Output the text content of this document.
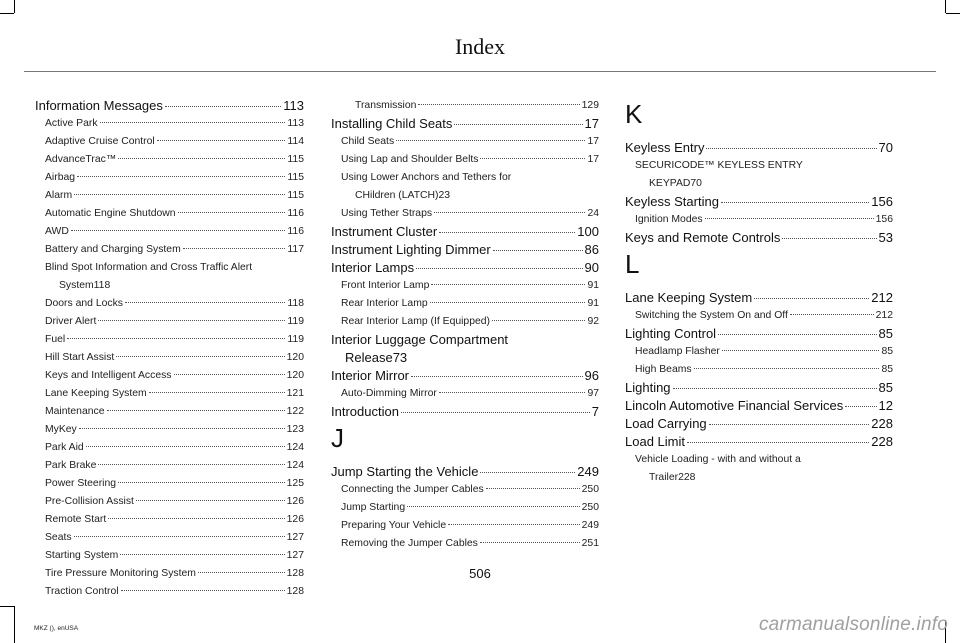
Index
Information Messages	113
Active Park	113
Adaptive Cruise Control	114
AdvanceTrac™	115
Airbag	115
Alarm	115
Automatic Engine Shutdown	116
AWD	116
Battery and Charging System	117
Blind Spot Information and Cross Traffic Alert
System 118
Doors and Locks	118
Driver Alert	119
Fuel	119
Hill Start Assist	120
Keys and Intelligent Access	120
Lane Keeping System	121
Maintenance	122
MyKey	123
Park Aid	124
Park Brake	124
Power Steering	125
Pre-Collision Assist	126
Remote Start	126
Seats	127
Starting System	127
Tire Pressure Monitoring System	128
Traction Control	128
Transmission	129
Installing Child Seats	17
Child Seats	17
Using Lap and Shoulder Belts	17
Using Lower Anchors and Tethers for
CHildren (LATCH) 23
Using Tether Straps	24
Instrument Cluster	100
Instrument Lighting Dimmer	86
Interior Lamps	90
Front Interior Lamp	91
Rear Interior Lamp	91
Rear Interior Lamp (If Equipped)	92
Interior Luggage Compartment
Release 73
Interior Mirror	96
Auto-Dimming Mirror	97
Introduction	7
J
Jump Starting the Vehicle	249
Connecting the Jumper Cables	250
Jump Starting	250
Preparing Your Vehicle	249
Removing the Jumper Cables	251
K
Keyless Entry	70
SECURICODE™ KEYLESS ENTRY
KEYPAD 70
Keyless Starting	156
Ignition Modes	156
Keys and Remote Controls	53
L
Lane Keeping System	212
Switching the System On and Off	212
Lighting Control	85
Headlamp Flasher	85
High Beams	85
Lighting	85
Lincoln Automotive Financial Services	12
Load Carrying	228
Load Limit	228
Vehicle Loading - with and without a
Trailer 228
506
MKZ (), enUSA	carmanualsonline.info
